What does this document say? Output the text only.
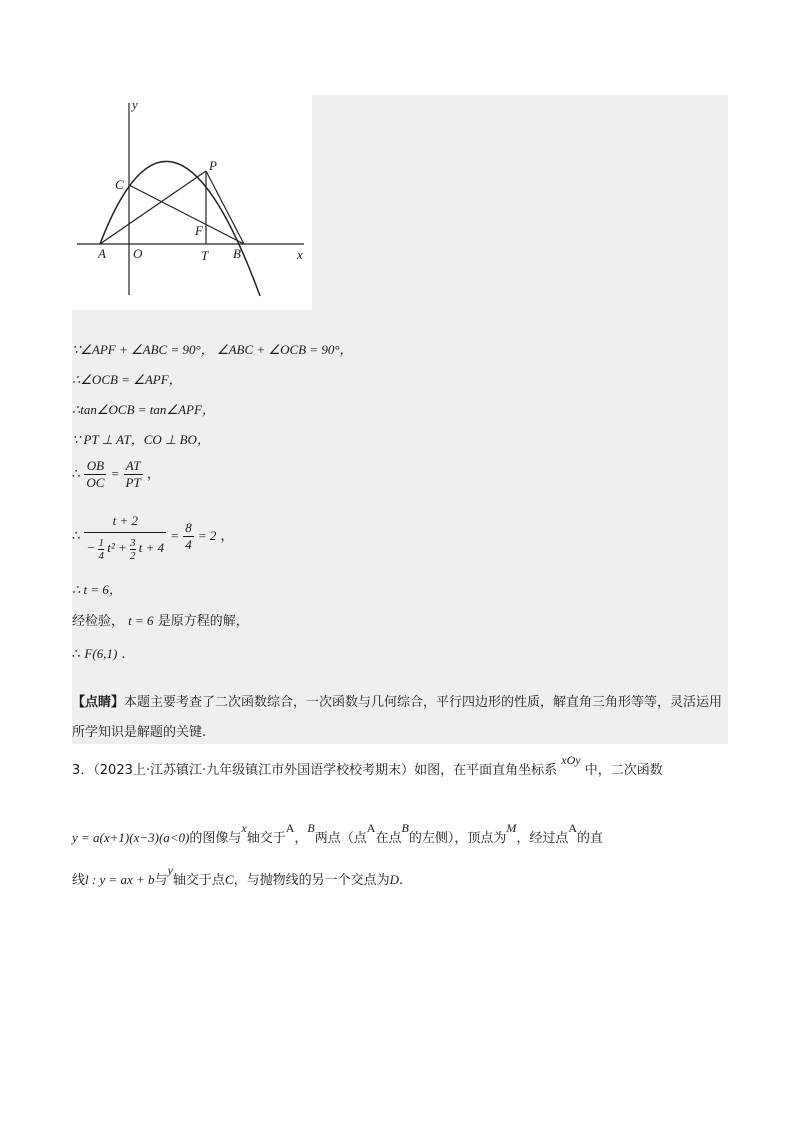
y
x
C
P
F
A O	T B
∵∠APF + ∠ABC = 90°， ∠ABC + ∠OCB = 90°，
∴∠OCB = ∠APF，
∴tan∠OCB = tan∠APF，
∵ PT ⊥ AT，CO ⊥ BO，
∴ $\frac{OB}{OC} = \frac{AT}{PT}$ ，
∴ $\frac{t + 2}{- \frac{1}{4} t^2 + \frac{3}{2} t + 4} = \frac{8}{4} = 2$ ，
∴ t = 6，
经检验， t = 6 是原方程的解，
∴ F(6,1) .
【点睛】本题主要考查了二次函数综合，一次函数与几何综合，平行四边形的性质，解直角三角形等等，灵活运用所学知识是解题的关键.
3．（2023上·江苏镇江·九年级镇江市外国语学校校考期末）如图，在平面直角坐标系 xOy 中，二次函数
y = a(x+1)(x−3)(a<0)的图像与x轴交于A，B两点（点A在点B的左侧），顶点为M，经过点A的直
线l : y = ax + b与y轴交于点C，与抛物线的另一个交点为D.
